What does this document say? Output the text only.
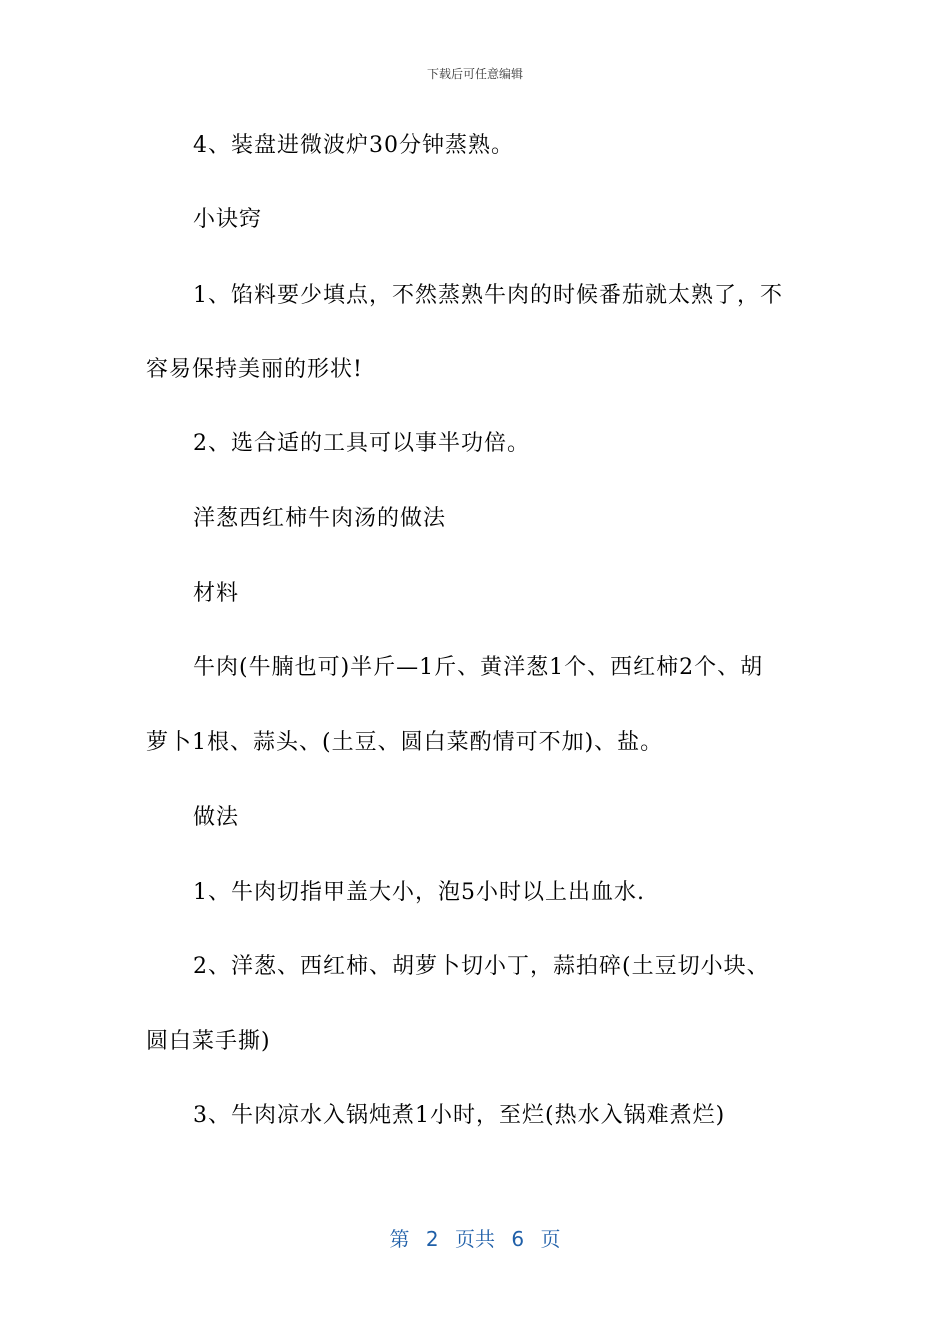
下载后可任意编辑
4、装盘进微波炉30分钟蒸熟。
小诀窍
1、馅料要少填点，不然蒸熟牛肉的时候番茄就太熟了，不
容易保持美丽的形状!
2、选合适的工具可以事半功倍。
洋葱西红柿牛肉汤的做法
材料
牛肉(牛腩也可)半斤—1斤、黄洋葱1个、西红柿2个、胡
萝卜1根、蒜头、(土豆、圆白菜酌情可不加)、盐。
做法
1、牛肉切指甲盖大小，泡5小时以上出血水.
2、洋葱、西红柿、胡萝卜切小丁，蒜拍碎(土豆切小块、
圆白菜手撕)
3、牛肉凉水入锅炖煮1小时，至烂(热水入锅难煮烂)
第 2 页共 6 页
